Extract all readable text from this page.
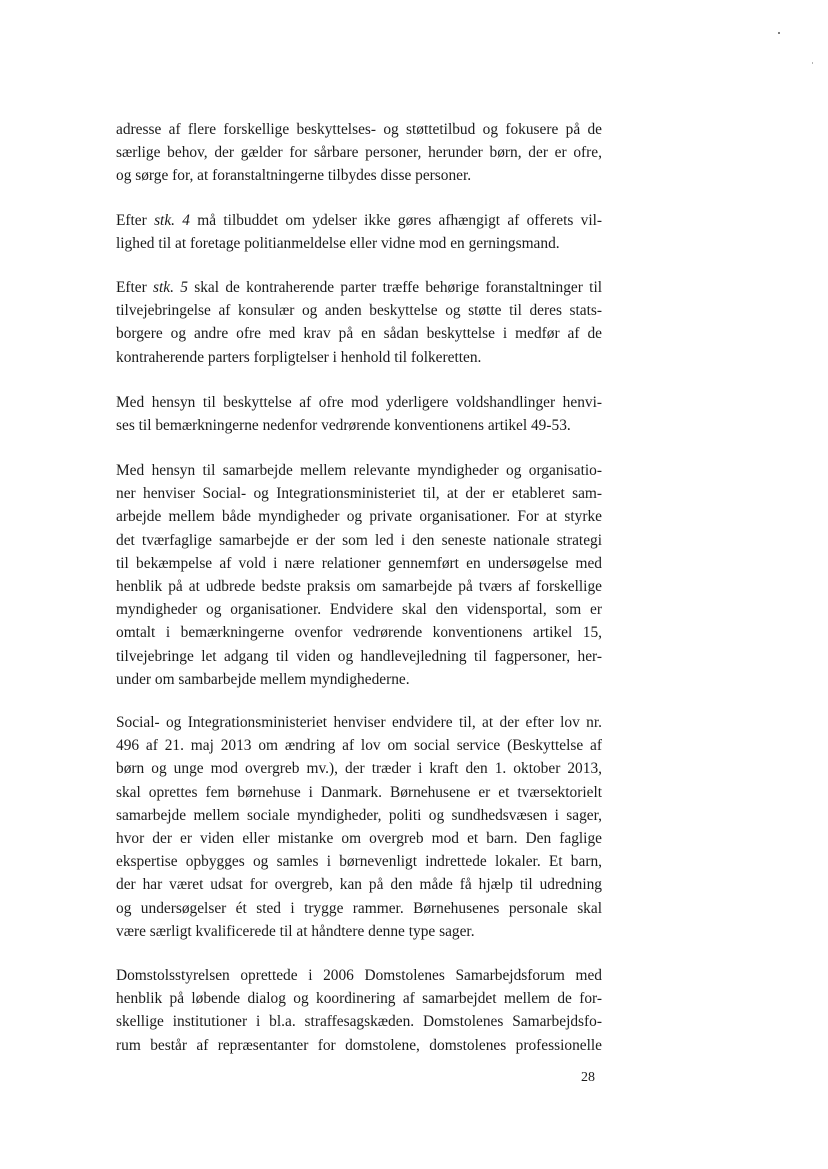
adresse af flere forskellige beskyttelses- og støttetilbud og fokusere på de
særlige behov, der gælder for sårbare personer, herunder børn, der er ofre,
og sørge for, at foranstaltningerne tilbydes disse personer.
Efter stk. 4 må tilbuddet om ydelser ikke gøres afhængigt af offerets vil-
lighed til at foretage politianmeldelse eller vidne mod en gerningsmand.
Efter stk. 5 skal de kontraherende parter træffe behørige foranstaltninger til
tilvejebringelse af konsulær og anden beskyttelse og støtte til deres stats-
borgere og andre ofre med krav på en sådan beskyttelse i medfør af de
kontraherende parters forpligtelser i henhold til folkeretten.
Med hensyn til beskyttelse af ofre mod yderligere voldshandlinger henvi-
ses til bemærkningerne nedenfor vedrørende konventionens artikel 49-53.
Med hensyn til samarbejde mellem relevante myndigheder og organisatio-
ner henviser Social- og Integrationsministeriet til, at der er etableret sam-
arbejde mellem både myndigheder og private organisationer. For at styrke
det tværfaglige samarbejde er der som led i den seneste nationale strategi
til bekæmpelse af vold i nære relationer gennemført en undersøgelse med
henblik på at udbrede bedste praksis om samarbejde på tværs af forskellige
myndigheder og organisationer. Endvidere skal den vidensportal, som er
omtalt i bemærkningerne ovenfor vedrørende konventionens artikel 15,
tilvejebringe let adgang til viden og handlevejledning til fagpersoner, her-
under om sambarbejde mellem myndighederne.
Social- og Integrationsministeriet henviser endvidere til, at der efter lov nr.
496 af 21. maj 2013 om ændring af lov om social service (Beskyttelse af
børn og unge mod overgreb mv.), der træder i kraft den 1. oktober 2013,
skal oprettes fem børnehuse i Danmark. Børnehusene er et tværsektorielt
samarbejde mellem sociale myndigheder, politi og sundhedsvæsen i sager,
hvor der er viden eller mistanke om overgreb mod et barn. Den faglige
ekspertise opbygges og samles i børnevenligt indrettede lokaler. Et barn,
der har været udsat for overgreb, kan på den måde få hjælp til udredning
og undersøgelser ét sted i trygge rammer. Børnehusenes personale skal
være særligt kvalificerede til at håndtere denne type sager.
Domstolsstyrelsen oprettede i 2006 Domstolenes Samarbejdsforum med
henblik på løbende dialog og koordinering af samarbejdet mellem de for-
skellige institutioner i bl.a. straffesagskæden. Domstolenes Samarbejdsfo-
rum består af repræsentanter for domstolene, domstolenes professionelle
28
